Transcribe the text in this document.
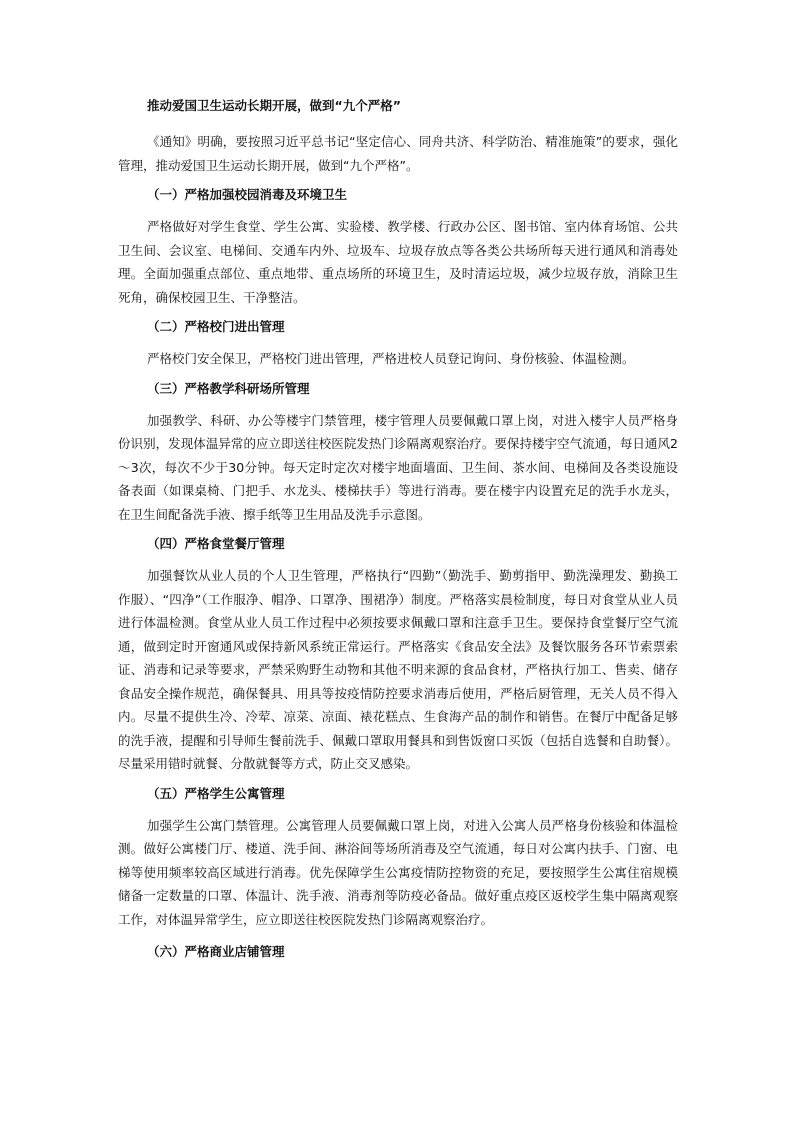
推动爱国卫生运动长期开展，做到“九个严格”

《通知》明确，要按照习近平总书记“坚定信心、同舟共济、科学防治、精准施策”的要求，强化管理，推动爱国卫生运动长期开展，做到“九个严格”。

（一）严格加强校园消毒及环境卫生

严格做好对学生食堂、学生公寓、实验楼、教学楼、行政办公区、图书馆、室内体育场馆、公共卫生间、会议室、电梯间、交通车内外、垃圾车、垃圾存放点等各类公共场所每天进行通风和消毒处理。全面加强重点部位、重点地带、重点场所的环境卫生，及时清运垃圾，减少垃圾存放，消除卫生死角，确保校园卫生、干净整洁。

（二）严格校门进出管理

严格校门安全保卫，严格校门进出管理，严格进校人员登记询问、身份核验、体温检测。

（三）严格教学科研场所管理

加强教学、科研、办公等楼宇门禁管理，楼宇管理人员要佩戴口罩上岗，对进入楼宇人员严格身份识别，发现体温异常的应立即送往校医院发热门诊隔离观察治疗。要保持楼宇空气流通，每日通风2～3次，每次不少于30分钟。每天定时定次对楼宇地面墙面、卫生间、茶水间、电梯间及各类设施设备表面（如课桌椅、门把手、水龙头、楼梯扶手）等进行消毒。要在楼宇内设置充足的洗手水龙头，在卫生间配备洗手液、擦手纸等卫生用品及洗手示意图。

（四）严格食堂餐厅管理

加强餐饮从业人员的个人卫生管理，严格执行“四勤”（勤洗手、勤剪指甲、勤洗澡理发、勤换工作服）、“四净”（工作服净、帽净、口罩净、围裙净）制度。严格落实晨检制度，每日对食堂从业人员进行体温检测。食堂从业人员工作过程中必须按要求佩戴口罩和注意手卫生。要保持食堂餐厅空气流通，做到定时开窗通风或保持新风系统正常运行。严格落实《食品安全法》及餐饮服务各环节索票索证、消毒和记录等要求，严禁采购野生动物和其他不明来源的食品食材，严格执行加工、售卖、储存食品安全操作规范，确保餐具、用具等按疫情防控要求消毒后使用，严格后厨管理，无关人员不得入内。尽量不提供生冷、冷荤、凉菜、凉面、裱花糕点、生食海产品的制作和销售。在餐厅中配备足够的洗手液，提醒和引导师生餐前洗手、佩戴口罩取用餐具和到售饭窗口买饭（包括自选餐和自助餐）。尽量采用错时就餐、分散就餐等方式，防止交叉感染。

（五）严格学生公寓管理

加强学生公寓门禁管理。公寓管理人员要佩戴口罩上岗，对进入公寓人员严格身份核验和体温检测。做好公寓楼门厅、楼道、洗手间、淋浴间等场所消毒及空气流通，每日对公寓内扶手、门窗、电梯等使用频率较高区域进行消毒。优先保障学生公寓疫情防控物资的充足，要按照学生公寓住宿规模储备一定数量的口罩、体温计、洗手液、消毒剂等防疫必备品。做好重点疫区返校学生集中隔离观察工作，对体温异常学生，应立即送往校医院发热门诊隔离观察治疗。

（六）严格商业店铺管理
